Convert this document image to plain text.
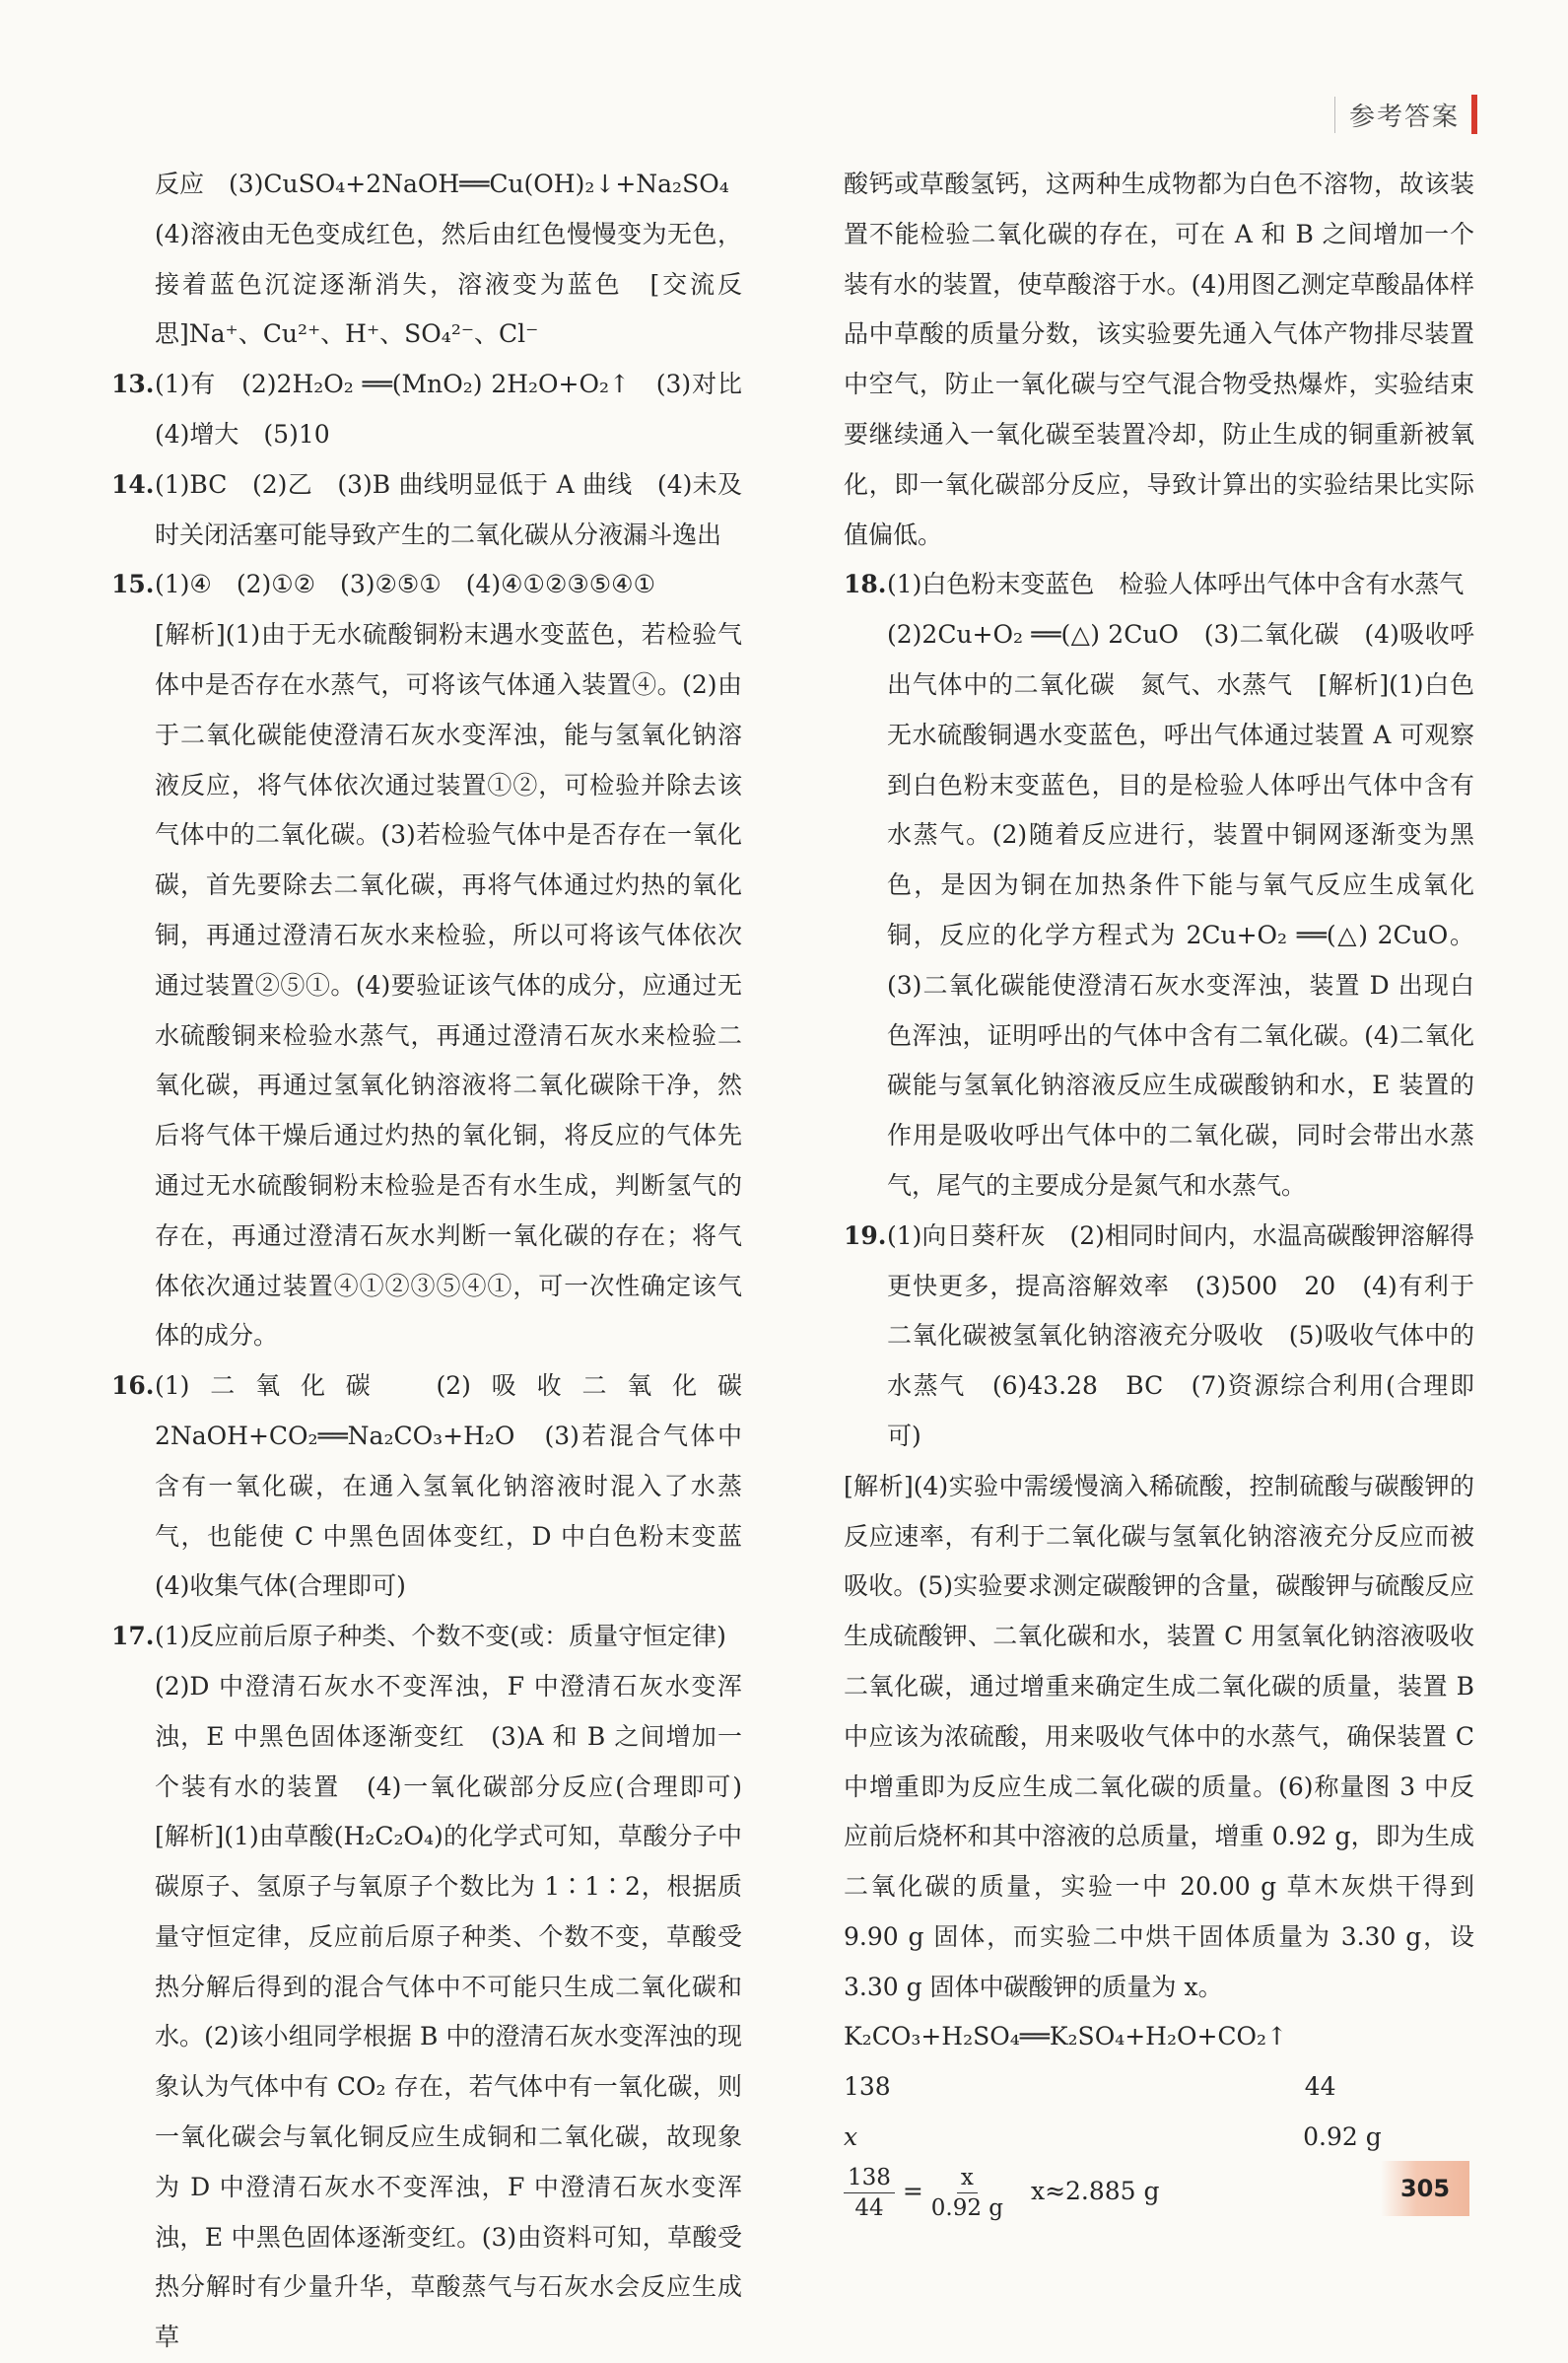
参考答案

反应　(3)CuSO₄+2NaOH══Cu(OH)₂↓+Na₂SO₄

(4)溶液由无色变成红色，然后由红色慢慢变为无色，接着蓝色沉淀逐渐消失，溶液变为蓝色　[交流反思]Na⁺、Cu²⁺、H⁺、SO₄²⁻、Cl⁻

13.(1)有　(2)2H₂O₂ ══(MnO₂) 2H₂O+O₂↑　(3)对比　(4)增大　(5)10

14.(1)BC　(2)乙　(3)B 曲线明显低于 A 曲线　(4)未及时关闭活塞可能导致产生的二氧化碳从分液漏斗逸出

15.(1)④　(2)①②　(3)②⑤①　(4)④①②③⑤④①

[解析](1)由于无水硫酸铜粉末遇水变蓝色，若检验气体中是否存在水蒸气，可将该气体通入装置④。(2)由于二氧化碳能使澄清石灰水变浑浊，能与氢氧化钠溶液反应，将气体依次通过装置①②，可检验并除去该气体中的二氧化碳。(3)若检验气体中是否存在一氧化碳，首先要除去二氧化碳，再将气体通过灼热的氧化铜，再通过澄清石灰水来检验，所以可将该气体依次通过装置②⑤①。(4)要验证该气体的成分，应通过无水硫酸铜来检验水蒸气，再通过澄清石灰水来检验二氧化碳，再通过氢氧化钠溶液将二氧化碳除干净，然后将气体干燥后通过灼热的氧化铜，将反应的气体先通过无水硫酸铜粉末检验是否有水生成，判断氢气的存在，再通过澄清石灰水判断一氧化碳的存在；将气体依次通过装置④①②③⑤④①，可一次性确定该气体的成分。

16.(1)二氧化碳　(2)吸收二氧化碳　2NaOH+CO₂══Na₂CO₃+H₂O　(3)若混合气体中含有一氧化碳，在通入氢氧化钠溶液时混入了水蒸气，也能使 C 中黑色固体变红，D 中白色粉末变蓝　(4)收集气体(合理即可)

17.(1)反应前后原子种类、个数不变(或：质量守恒定律)

(2)D 中澄清石灰水不变浑浊，F 中澄清石灰水变浑浊，E 中黑色固体逐渐变红　(3)A 和 B 之间增加一个装有水的装置　(4)一氧化碳部分反应(合理即可)　[解析](1)由草酸(H₂C₂O₄)的化学式可知，草酸分子中碳原子、氢原子与氧原子个数比为 1∶1∶2，根据质量守恒定律，反应前后原子种类、个数不变，草酸受热分解后得到的混合气体中不可能只生成二氧化碳和水。(2)该小组同学根据 B 中的澄清石灰水变浑浊的现象认为气体中有 CO₂ 存在，若气体中有一氧化碳，则一氧化碳会与氧化铜反应生成铜和二氧化碳，故现象为 D 中澄清石灰水不变浑浊，F 中澄清石灰水变浑浊，E 中黑色固体逐渐变红。(3)由资料可知，草酸受热分解时有少量升华，草酸蒸气与石灰水会反应生成草

酸钙或草酸氢钙，这两种生成物都为白色不溶物，故该装置不能检验二氧化碳的存在，可在 A 和 B 之间增加一个装有水的装置，使草酸溶于水。(4)用图乙测定草酸晶体样品中草酸的质量分数，该实验要先通入气体产物排尽装置中空气，防止一氧化碳与空气混合物受热爆炸，实验结束要继续通入一氧化碳至装置冷却，防止生成的铜重新被氧化，即一氧化碳部分反应，导致计算出的实验结果比实际值偏低。

18.(1)白色粉末变蓝色　检验人体呼出气体中含有水蒸气

(2)2Cu+O₂ ══(△) 2CuO　(3)二氧化碳　(4)吸收呼出气体中的二氧化碳　氮气、水蒸气　[解析](1)白色无水硫酸铜遇水变蓝色，呼出气体通过装置 A 可观察到白色粉末变蓝色，目的是检验人体呼出气体中含有水蒸气。(2)随着反应进行，装置中铜网逐渐变为黑色，是因为铜在加热条件下能与氧气反应生成氧化铜，反应的化学方程式为 2Cu+O₂ ══(△) 2CuO。(3)二氧化碳能使澄清石灰水变浑浊，装置 D 出现白色浑浊，证明呼出的气体中含有二氧化碳。(4)二氧化碳能与氢氧化钠溶液反应生成碳酸钠和水，E 装置的作用是吸收呼出气体中的二氧化碳，同时会带出水蒸气，尾气的主要成分是氮气和水蒸气。

19.(1)向日葵秆灰　(2)相同时间内，水温高碳酸钾溶解得更快更多，提高溶解效率　(3)500　20　(4)有利于二氧化碳被氢氧化钠溶液充分吸收　(5)吸收气体中的水蒸气　(6)43.28　BC　(7)资源综合利用(合理即可)

[解析](4)实验中需缓慢滴入稀硫酸，控制硫酸与碳酸钾的反应速率，有利于二氧化碳与氢氧化钠溶液充分反应而被吸收。(5)实验要求测定碳酸钾的含量，碳酸钾与硫酸反应生成硫酸钾、二氧化碳和水，装置 C 用氢氧化钠溶液吸收二氧化碳，通过增重来确定生成二氧化碳的质量，装置 B 中应该为浓硫酸，用来吸收气体中的水蒸气，确保装置 C 中增重即为反应生成二氧化碳的质量。(6)称量图 3 中反应前后烧杯和其中溶液的总质量，增重 0.92 g，即为生成二氧化碳的质量，实验一中 20.00 g 草木灰烘干得到 9.90 g 固体，而实验二中烘干固体质量为 3.30 g，设 3.30 g 固体中碳酸钾的质量为 x。

K₂CO₃+H₂SO₄══K₂SO₄+H₂O+CO₂↑

138	44
x	0.92 g
$\frac{138}{44} = \frac{x}{0.92 g} x\approx 2.885$ g	305
